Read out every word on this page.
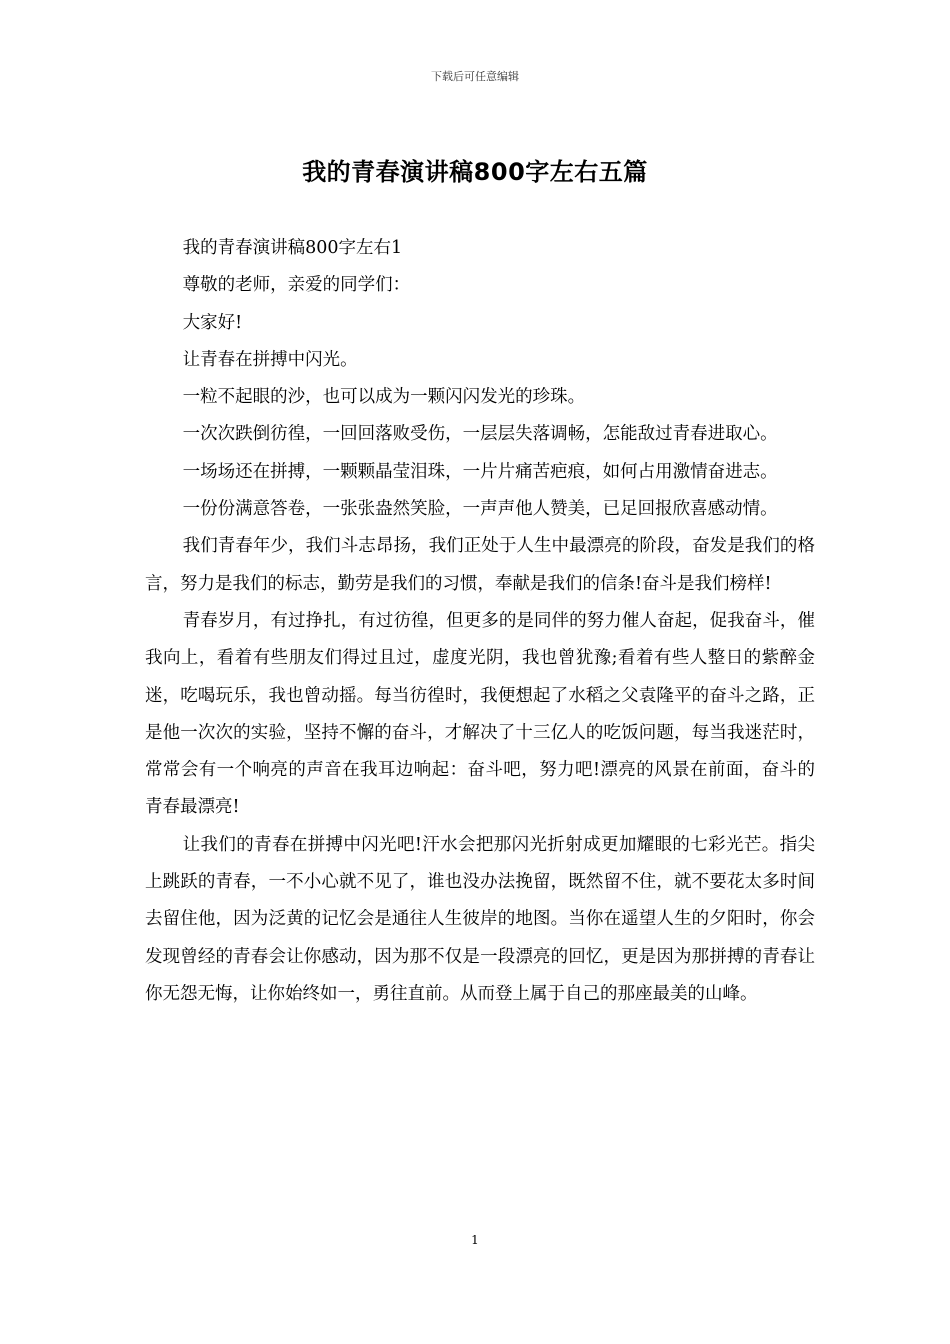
下载后可任意编辑
我的青春演讲稿800字左右五篇

我的青春演讲稿800字左右1

尊敬的老师，亲爱的同学们：

大家好!

让青春在拼搏中闪光。

一粒不起眼的沙，也可以成为一颗闪闪发光的珍珠。

一次次跌倒彷徨，一回回落败受伤，一层层失落调畅，怎能敌过青春进取心。

一场场还在拼搏，一颗颗晶莹泪珠，一片片痛苦疤痕，如何占用激情奋进志。

一份份满意答卷，一张张盎然笑脸，一声声他人赞美，已足回报欣喜感动情。

我们青春年少，我们斗志昂扬，我们正处于人生中最漂亮的阶段，奋发是我们的格言，努力是我们的标志，勤劳是我们的习惯，奉献是我们的信条!奋斗是我们榜样!

青春岁月，有过挣扎，有过彷徨，但更多的是同伴的努力催人奋起，促我奋斗，催我向上，看着有些朋友们得过且过，虚度光阴，我也曾犹豫;看着有些人整日的紫醉金迷，吃喝玩乐，我也曾动摇。每当彷徨时，我便想起了水稻之父袁隆平的奋斗之路，正是他一次次的实验，坚持不懈的奋斗，才解决了十三亿人的吃饭问题，每当我迷茫时，常常会有一个响亮的声音在我耳边响起：奋斗吧，努力吧!漂亮的风景在前面，奋斗的青春最漂亮!

让我们的青春在拼搏中闪光吧!汗水会把那闪光折射成更加耀眼的七彩光芒。指尖上跳跃的青春，一不小心就不见了，谁也没办法挽留，既然留不住，就不要花太多时间去留住他，因为泛黄的记忆会是通往人生彼岸的地图。当你在遥望人生的夕阳时，你会发现曾经的青春会让你感动，因为那不仅是一段漂亮的回忆，更是因为那拼搏的青春让你无怨无悔，让你始终如一，勇往直前。从而登上属于自己的那座最美的山峰。

1
